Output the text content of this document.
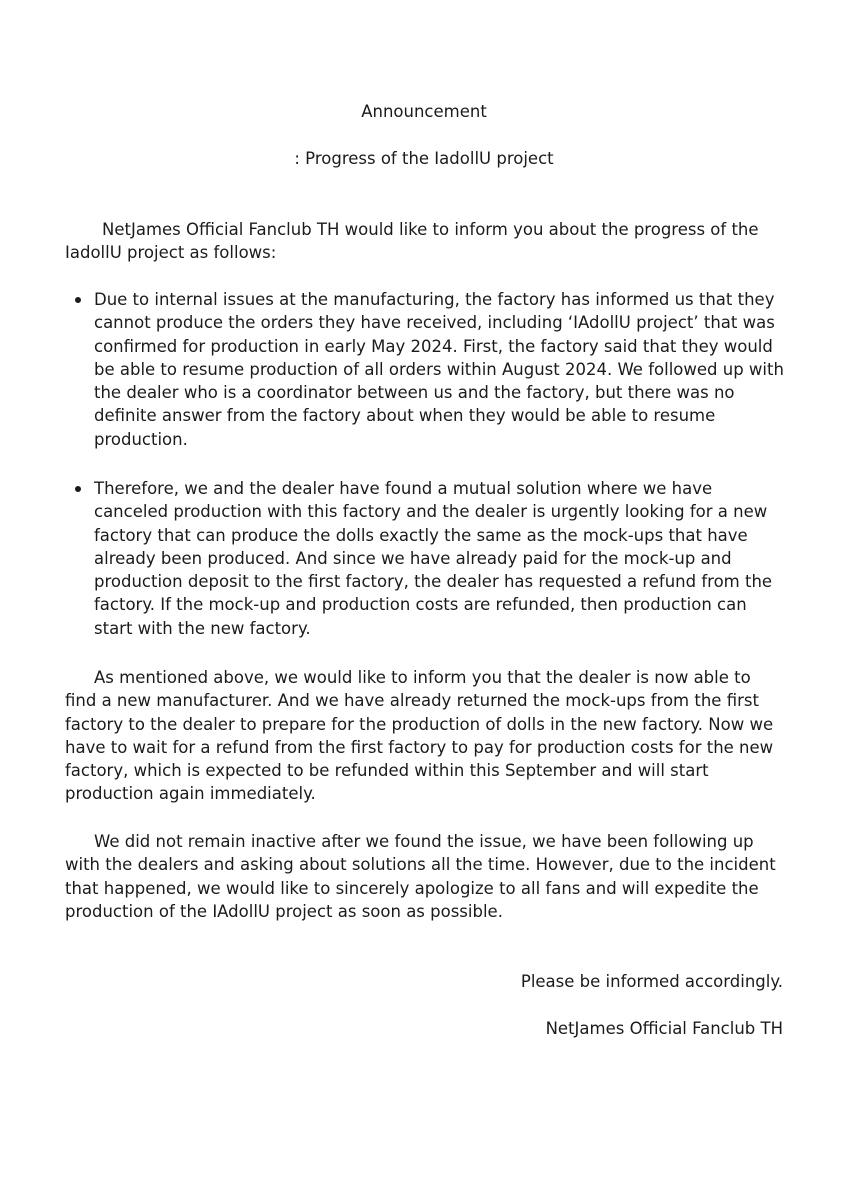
Announcement
: Progress of the IadollU project

NetJames Official Fanclub TH would like to inform you about the progress of the IadollU project as follows:

Due to internal issues at the manufacturing, the factory has informed us that they cannot produce the orders they have received, including ‘IAdollU project’ that was confirmed for production in early May 2024. First, the factory said that they would be able to resume production of all orders within August 2024. We followed up with the dealer who is a coordinator between us and the factory, but there was no definite answer from the factory about when they would be able to resume production.
Therefore, we and the dealer have found a mutual solution where we have canceled production with this factory and the dealer is urgently looking for a new factory that can produce the dolls exactly the same as the mock-ups that have already been produced. And since we have already paid for the mock-up and production deposit to the first factory, the dealer has requested a refund from the factory. If the mock-up and production costs are refunded, then production can start with the new factory.

As mentioned above, we would like to inform you that the dealer is now able to find a new manufacturer. And we have already returned the mock-ups from the first factory to the dealer to prepare for the production of dolls in the new factory. Now we have to wait for a refund from the first factory to pay for production costs for the new factory, which is expected to be refunded within this September and will start production again immediately.

We did not remain inactive after we found the issue, we have been following up with the dealers and asking about solutions all the time. However, due to the incident that happened, we would like to sincerely apologize to all fans and will expedite the production of the IAdollU project as soon as possible.

Please be informed accordingly.
NetJames Official Fanclub TH
